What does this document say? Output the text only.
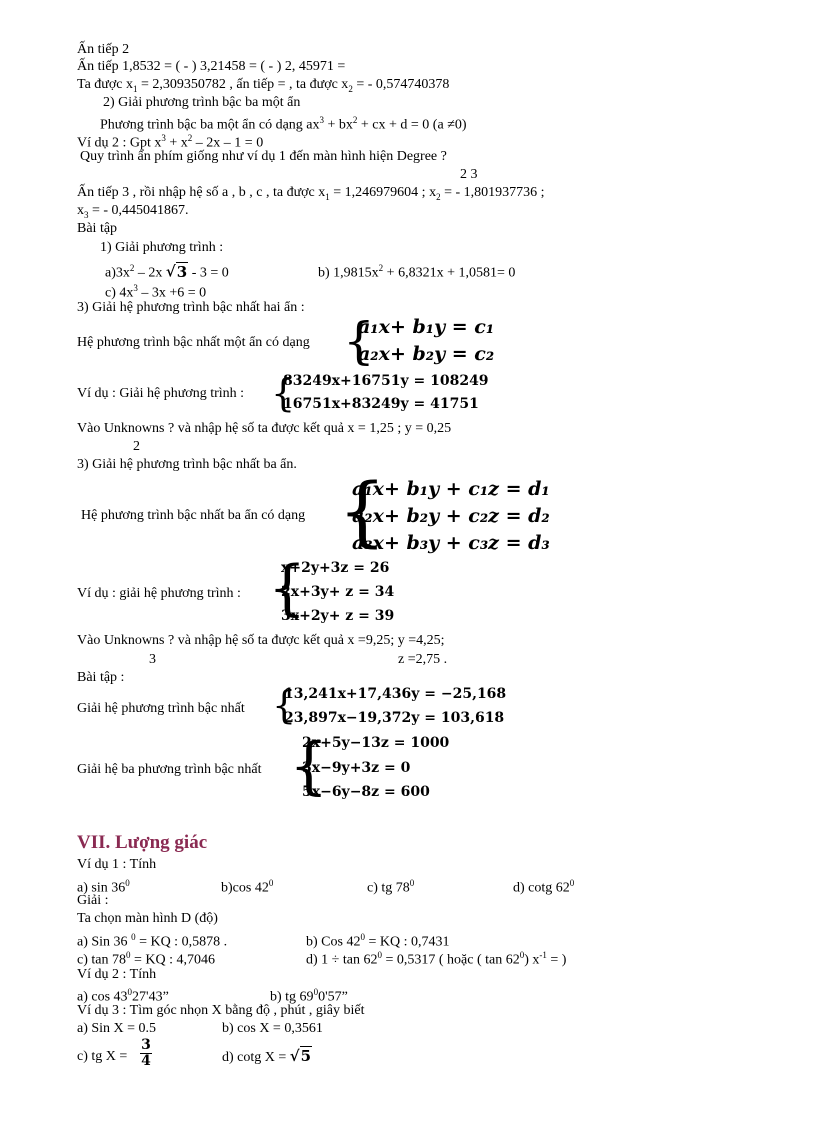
Ấn tiếp 2
Ấn tiếp 1,8532 = ( - ) 3,21458 = ( - ) 2, 45971 =
Ta được $x_1 = 2,309350782$ , ấn tiếp = , ta được $x_2$ = - 0,574740378
2) Giải phương trình bậc ba một ẩn
Phương trình bậc ba một ẩn có dạng $ax^3 + bx^2$ + cx + d = 0 (a ≠0)
Ví dụ 2 : Gpt $x^3 + x^2 - 2x - 1 = 0$
Quy trình ấn phím giống như ví dụ 1 đến màn hình hiện Degree ?
2 3
Ấn tiếp 3 , rồi nhập hệ số a , b , c , ta được $x_1 = 1,246979604$ ; $x_2$ = - 1,801937736 ;
$x_3$ = - 0,445041867.
Bài tập
1) Giải phương trình :
$a)3x^2 - 2x$ √3 - 3 = 0	b) $1,9815x^2 + 6,8321x + 1,0581= 0$
c) $4x^3 - 3x +6 = 0$
3) Giải hệ phương trình bậc nhất hai ẩn :
Hệ phương trình bậc nhất một ẩn có dạng {
a₁x+ b₁y = c₁
a₂x+ b₂y = c₂
Ví dụ : Giải hệ phương trình : {
83249x+16751y = 108249
16751x+83249y = 41751
Vào Unknowns ? và nhập hệ số ta được kết quả x = 1,25 ; y = 0,25
2
3) Giải hệ phương trình bậc nhất ba ẩn.
Hệ phương trình bậc nhất ba ẩn có dạng {
a₁x+ b₁y + c₁z = d₁
a₂x+ b₂y + c₂z = d₂
a₃x+ b₃y + c₃z = d₃
Ví dụ : giải hệ phương trình : {
x+2y+3z = 26
2x+3y+ z = 34
3x+2y+ z = 39
Vào Unknowns ? và nhập hệ số ta được kết quả x =9,25; y =4,25;
3	z =2,75 .
Bài tập :
Giải hệ phương trình bậc nhất {
13,241x+17,436y = −25,168
23,897x−19,372y = 103,618
Giải hệ ba phương trình bậc nhất {
2x+5y−13z = 1000
3x−9y+3z = 0
5x−6y−8z = 600
VII. Lượng giác
Ví dụ 1 : Tính
a) $\sin 36^0$	b)cos $42^0$	c) tg $78^0$	d) cotg $62^0$
Giải :
Ta chọn màn hình D (độ)
a) Sin 36 $^0$ = KQ : 0,5878 .	b) Cos $42^0$ = KQ : 0,7431
c) $\tan 78^0$ = KQ : 4,7046	d) $1 \div \tan 62^0 = 0,5317$ ( hoặc ( $\tan 62^0$) $x^{-1}$ = )
Ví dụ 2 : Tính
a) $\cos 43^027'43$”	b) tg $69^00'57$”
Ví dụ 3 : Tìm góc nhọn X bằng độ , phút , giây biết
a) Sin X = 0.5	b) cos X = 0,3561
c) tg X =
3
4	d) cotg X = √5
